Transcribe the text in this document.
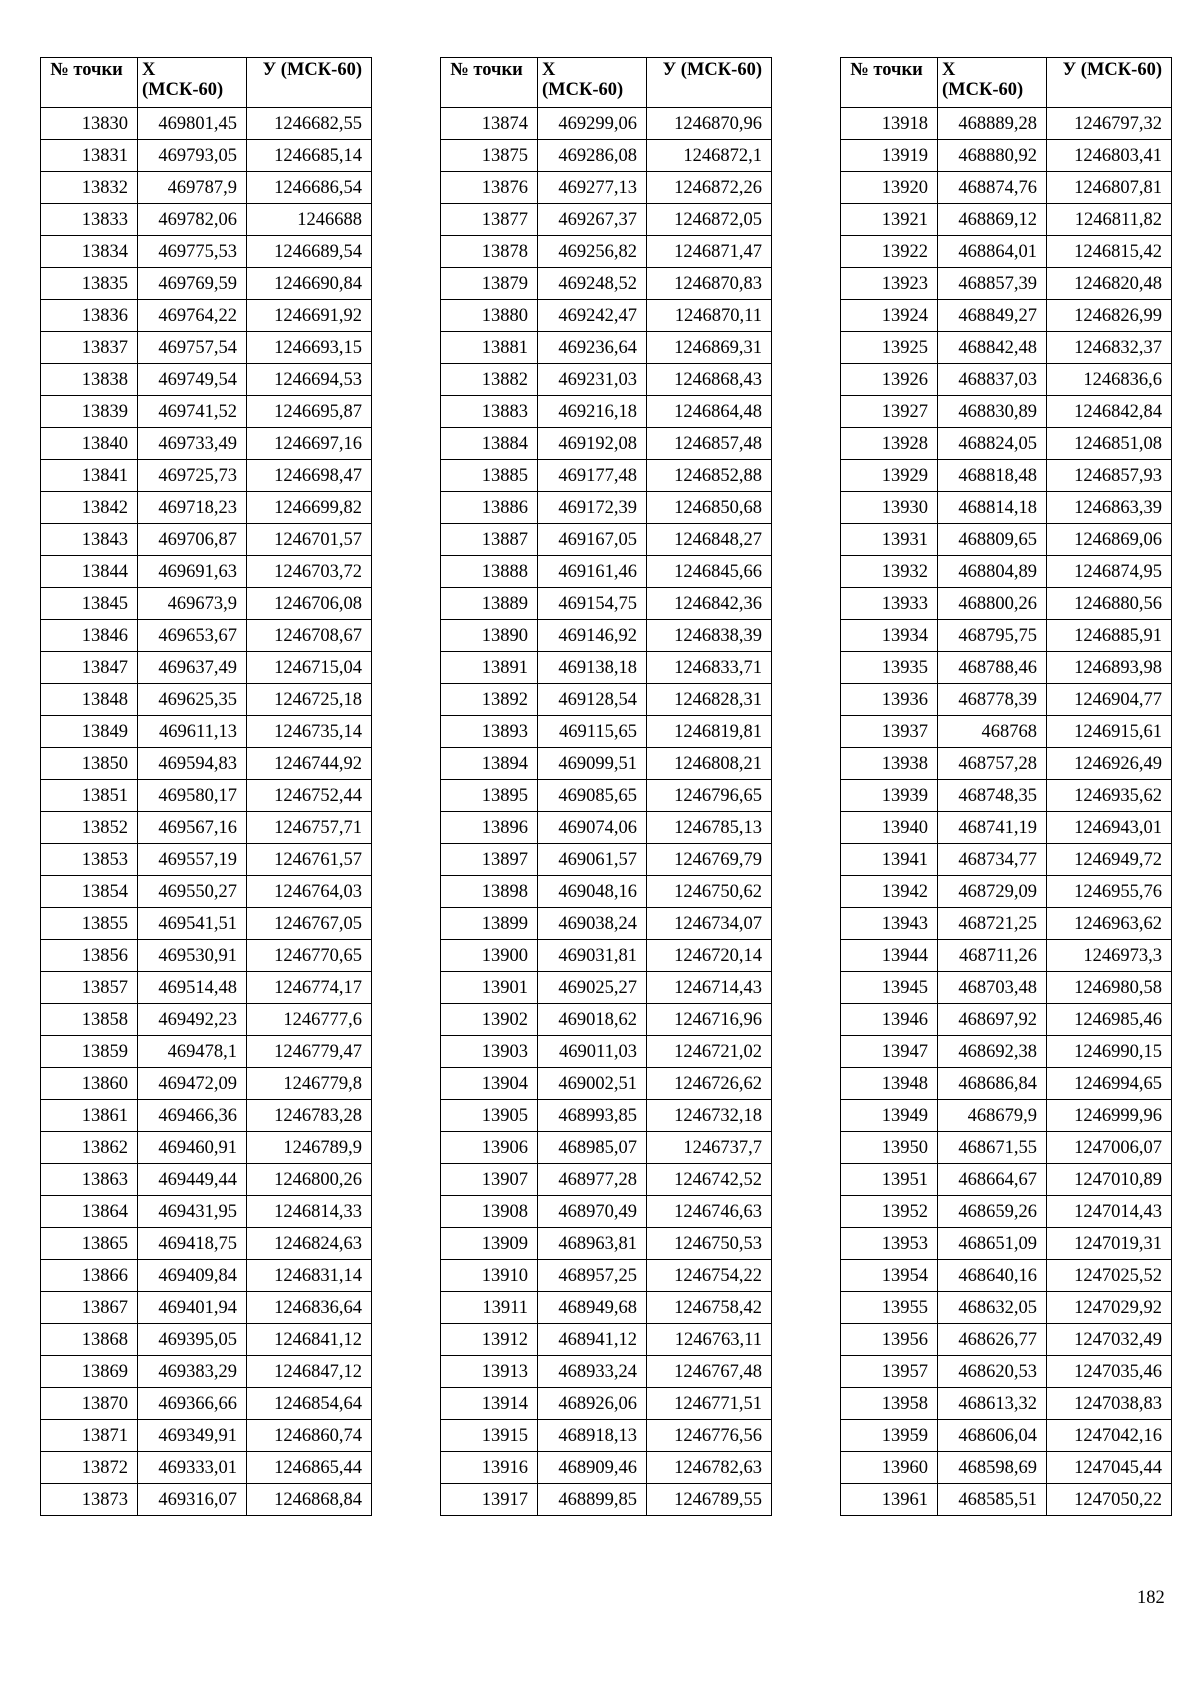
№ точки	Х (МСК-60)	У (МСК-60)
13830	469801,45	1246682,55
13831	469793,05	1246685,14
13832	469787,9	1246686,54
13833	469782,06	1246688
13834	469775,53	1246689,54
13835	469769,59	1246690,84
13836	469764,22	1246691,92
13837	469757,54	1246693,15
13838	469749,54	1246694,53
13839	469741,52	1246695,87
13840	469733,49	1246697,16
13841	469725,73	1246698,47
13842	469718,23	1246699,82
13843	469706,87	1246701,57
13844	469691,63	1246703,72
13845	469673,9	1246706,08
13846	469653,67	1246708,67
13847	469637,49	1246715,04
13848	469625,35	1246725,18
13849	469611,13	1246735,14
13850	469594,83	1246744,92
13851	469580,17	1246752,44
13852	469567,16	1246757,71
13853	469557,19	1246761,57
13854	469550,27	1246764,03
13855	469541,51	1246767,05
13856	469530,91	1246770,65
13857	469514,48	1246774,17
13858	469492,23	1246777,6
13859	469478,1	1246779,47
13860	469472,09	1246779,8
13861	469466,36	1246783,28
13862	469460,91	1246789,9
13863	469449,44	1246800,26
13864	469431,95	1246814,33
13865	469418,75	1246824,63
13866	469409,84	1246831,14
13867	469401,94	1246836,64
13868	469395,05	1246841,12
13869	469383,29	1246847,12
13870	469366,66	1246854,64
13871	469349,91	1246860,74
13872	469333,01	1246865,44
13873	469316,07	1246868,84
№ точки	Х (МСК-60)	У (МСК-60)
13874	469299,06	1246870,96
13875	469286,08	1246872,1
13876	469277,13	1246872,26
13877	469267,37	1246872,05
13878	469256,82	1246871,47
13879	469248,52	1246870,83
13880	469242,47	1246870,11
13881	469236,64	1246869,31
13882	469231,03	1246868,43
13883	469216,18	1246864,48
13884	469192,08	1246857,48
13885	469177,48	1246852,88
13886	469172,39	1246850,68
13887	469167,05	1246848,27
13888	469161,46	1246845,66
13889	469154,75	1246842,36
13890	469146,92	1246838,39
13891	469138,18	1246833,71
13892	469128,54	1246828,31
13893	469115,65	1246819,81
13894	469099,51	1246808,21
13895	469085,65	1246796,65
13896	469074,06	1246785,13
13897	469061,57	1246769,79
13898	469048,16	1246750,62
13899	469038,24	1246734,07
13900	469031,81	1246720,14
13901	469025,27	1246714,43
13902	469018,62	1246716,96
13903	469011,03	1246721,02
13904	469002,51	1246726,62
13905	468993,85	1246732,18
13906	468985,07	1246737,7
13907	468977,28	1246742,52
13908	468970,49	1246746,63
13909	468963,81	1246750,53
13910	468957,25	1246754,22
13911	468949,68	1246758,42
13912	468941,12	1246763,11
13913	468933,24	1246767,48
13914	468926,06	1246771,51
13915	468918,13	1246776,56
13916	468909,46	1246782,63
13917	468899,85	1246789,55
№ точки	Х (МСК-60)	У (МСК-60)
13918	468889,28	1246797,32
13919	468880,92	1246803,41
13920	468874,76	1246807,81
13921	468869,12	1246811,82
13922	468864,01	1246815,42
13923	468857,39	1246820,48
13924	468849,27	1246826,99
13925	468842,48	1246832,37
13926	468837,03	1246836,6
13927	468830,89	1246842,84
13928	468824,05	1246851,08
13929	468818,48	1246857,93
13930	468814,18	1246863,39
13931	468809,65	1246869,06
13932	468804,89	1246874,95
13933	468800,26	1246880,56
13934	468795,75	1246885,91
13935	468788,46	1246893,98
13936	468778,39	1246904,77
13937	468768	1246915,61
13938	468757,28	1246926,49
13939	468748,35	1246935,62
13940	468741,19	1246943,01
13941	468734,77	1246949,72
13942	468729,09	1246955,76
13943	468721,25	1246963,62
13944	468711,26	1246973,3
13945	468703,48	1246980,58
13946	468697,92	1246985,46
13947	468692,38	1246990,15
13948	468686,84	1246994,65
13949	468679,9	1246999,96
13950	468671,55	1247006,07
13951	468664,67	1247010,89
13952	468659,26	1247014,43
13953	468651,09	1247019,31
13954	468640,16	1247025,52
13955	468632,05	1247029,92
13956	468626,77	1247032,49
13957	468620,53	1247035,46
13958	468613,32	1247038,83
13959	468606,04	1247042,16
13960	468598,69	1247045,44
13961	468585,51	1247050,22
182
